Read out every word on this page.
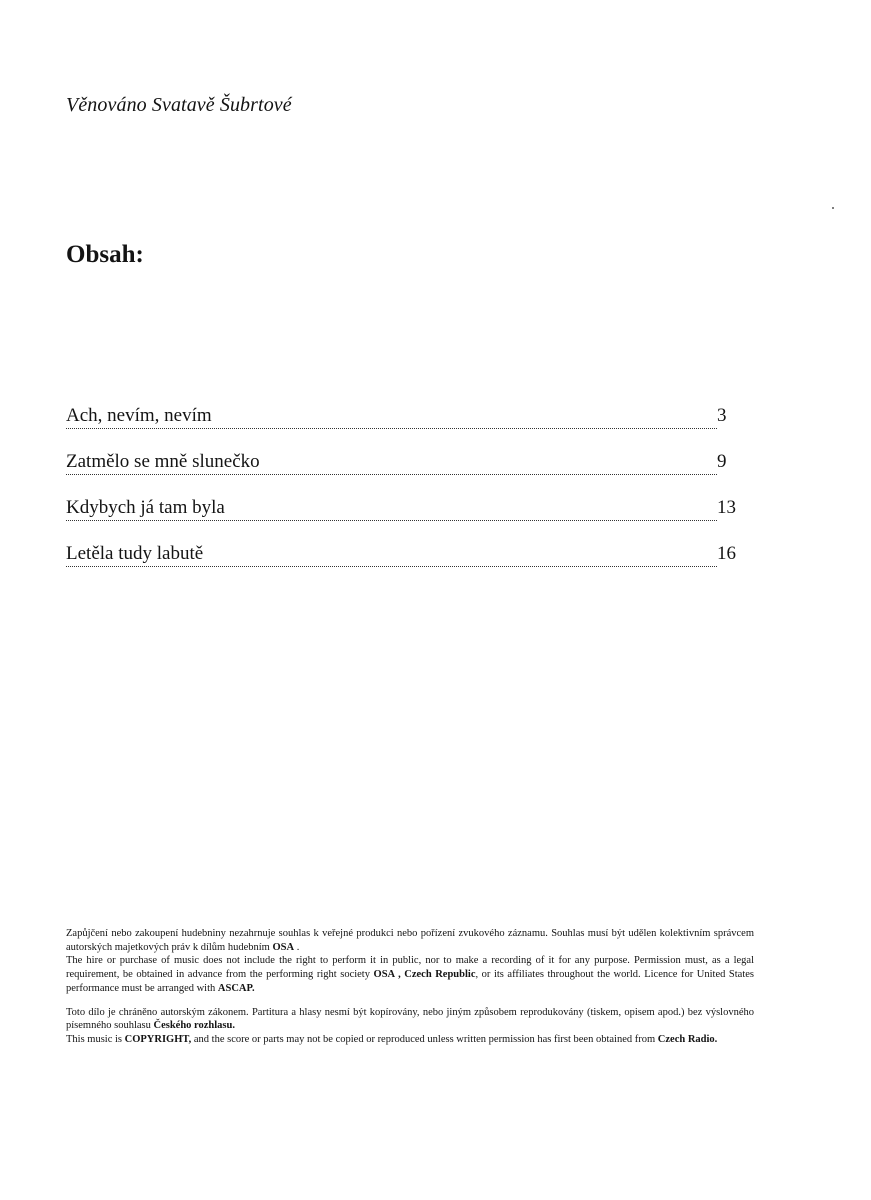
Věnováno Svatavě Šubrtové
Obsah:
Ach, nevím, nevím	3
Zatmělo se mně slunečko	9
Kdybych já tam byla	13
Letěla tudy labutě	16

Zapůjčení nebo zakoupení hudebniny nezahrnuje souhlas k veřejné produkci nebo pořízení zvukového záznamu. Souhlas musí být udělen kolektivním správcem autorských majetkových práv k dílům hudebním OSA .

The hire or purchase of music does not include the right to perform it in public, nor to make a recording of it for any purpose. Permission must, as a legal requirement, be obtained in advance from the performing right society OSA , Czech Republic, or its affiliates throughout the world. Licence for United States performance must be arranged with ASCAP.

Toto dílo je chráněno autorským zákonem. Partitura a hlasy nesmí být kopírovány, nebo jiným způsobem reprodukovány (tiskem, opisem apod.) bez výslovného písemného souhlasu Českého rozhlasu.

This music is COPYRIGHT, and the score or parts may not be copied or reproduced unless written permission has first been obtained from Czech Radio.
